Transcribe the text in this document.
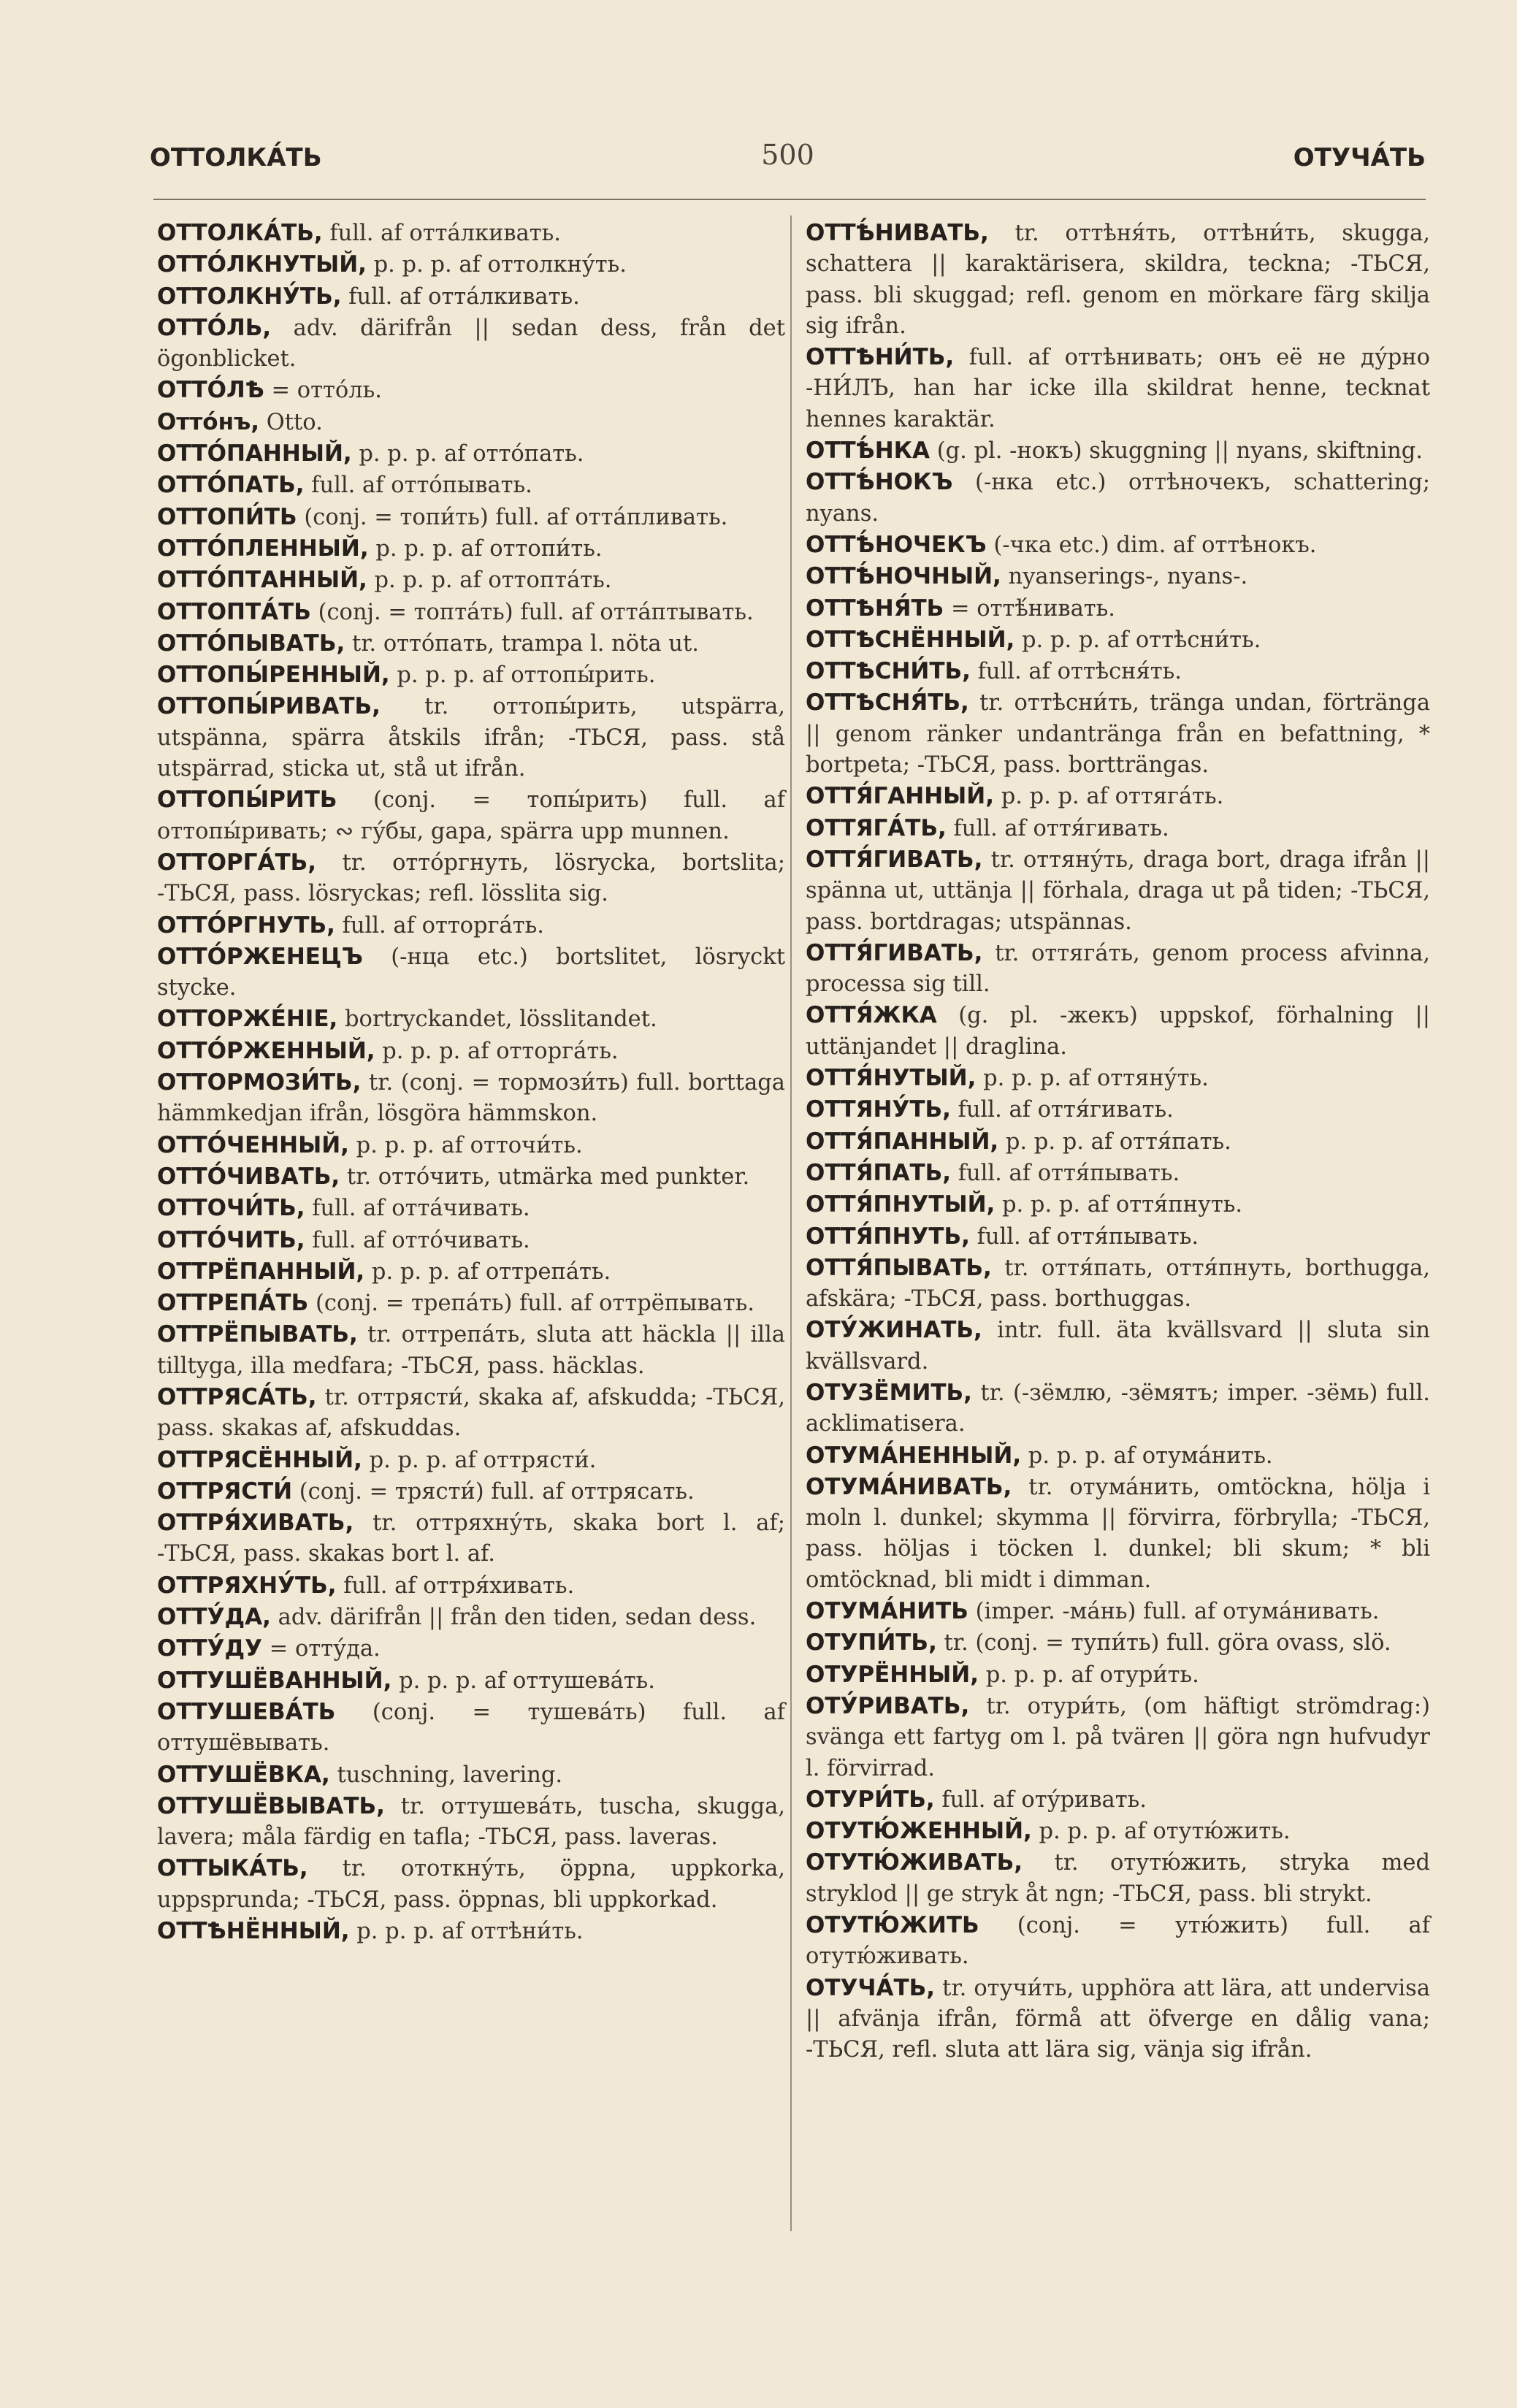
ОТТОЛКА́ТЬ	500	ОТУЧА́ТЬ

ОТТОЛКА́ТЬ, full. af отта́лкивать.

ОТТО́ЛКНУТЫЙ, p. p. p. af оттолкну́ть.

ОТТОЛКНУ́ТЬ, full. af отта́лкивать.

ОТТО́ЛЬ, adv. därifrån || sedan dess, från det ögonblicket.

ОТТО́ЛѢ = отто́ль.

Отто́нъ, Otto.

ОТТО́ПАННЫЙ, p. p. p. af отто́пать.

ОТТО́ПАТЬ, full. af отто́пывать.

ОТТОПИ́ТЬ (conj. = топи́ть) full. af отта́пливать.

ОТТО́ПЛЕННЫЙ, p. p. p. af оттопи́ть.

ОТТО́ПТАННЫЙ, p. p. p. af оттопта́ть.

ОТТОПТА́ТЬ (conj. = топта́ть) full. af отта́птывать.

ОТТО́ПЫВАТЬ, tr. отто́пать, trampa l. nöta ut.

ОТТОПЫ́РЕННЫЙ, p. p. p. af оттопы́рить.

ОТТОПЫ́РИВАТЬ, tr. оттопы́рить, utspärra, utspänna, spärra åtskils ifrån; -ТЬСЯ, pass. stå utspärrad, sticka ut, stå ut ifrån.

ОТТОПЫ́РИТЬ (conj. = топы́рить) full. af оттопы́ривать; ∾ гу́бы, gapa, spärra upp munnen.

ОТТОРГА́ТЬ, tr. отто́ргнуть, lösrycka, bortslita; -ТЬСЯ, pass. lösryckas; refl. lösslita sig.

ОТТО́РГНУТЬ, full. af отторга́ть.

ОТТО́РЖЕНЕЦЪ (-нца etc.) bortslitet, lösryckt stycke.

ОТТОРЖЕ́НІЕ, bortryckandet, lösslitandet.

ОТТО́РЖЕННЫЙ, p. p. p. af отторга́ть.

ОТТОРМОЗИ́ТЬ, tr. (conj. = тормози́ть) full. borttaga hämmkedjan ifrån, lösgöra hämmskon.

ОТТО́ЧЕННЫЙ, p. p. p. af отточи́ть.

ОТТО́ЧИВАТЬ, tr. отто́чить, utmärka med punkter.

ОТТОЧИ́ТЬ, full. af отта́чивать.

ОТТО́ЧИТЬ, full. af отто́чивать.

ОТТРЁПАННЫЙ, p. p. p. af оттрепа́ть.

ОТТРЕПА́ТЬ (conj. = трепа́ть) full. af оттрёпывать.

ОТТРЁПЫВАТЬ, tr. оттрепа́ть, sluta att häckla || illa tilltyga, illa medfara; -ТЬСЯ, pass. häcklas.

ОТТРЯСА́ТЬ, tr. оттрясти́, skaka af, afskudda; -ТЬСЯ, pass. skakas af, afskuddas.

ОТТРЯСЁННЫЙ, p. p. p. af оттрясти́.

ОТТРЯСТИ́ (conj. = трясти́) full. af оттрясать.

ОТТРЯ́ХИВАТЬ, tr. оттряхну́ть, skaka bort l. af; -ТЬСЯ, pass. skakas bort l. af.

ОТТРЯХНУ́ТЬ, full. af оттря́хивать.

ОТТУ́ДА, adv. därifrån || från den tiden, sedan dess.

ОТТУ́ДУ = отту́да.

ОТТУШЁВАННЫЙ, p. p. p. af оттушева́ть.

ОТТУШЕВА́ТЬ (conj. = тушева́ть) full. af оттушёвывать.

ОТТУШЁВКА, tuschning, lavering.

ОТТУШЁВЫВАТЬ, tr. оттушева́ть, tuscha, skugga, lavera; måla färdig en tafla; -ТЬСЯ, pass. laveras.

ОТТЫКА́ТЬ, tr. ототкну́ть, öppna, uppkorka, uppsprunda; -ТЬСЯ, pass. öppnas, bli uppkorkad.

ОТТѢНЁННЫЙ, p. p. p. af оттѣни́ть.

ОТТѢ́НИВАТЬ, tr. оттѣня́ть, оттѣни́ть, skugga, schattera || karaktärisera, skildra, teckna; -ТЬСЯ, pass. bli skuggad; refl. genom en mörkare färg skilja sig ifrån.

ОТТѢНИ́ТЬ, full. af оттѣнивать; онъ её не ду́рно -НИ́ЛЪ, han har icke illa skildrat henne, tecknat hennes karaktär.

ОТТѢ́НКА (g. pl. -нокъ) skuggning || nyans, skiftning.

ОТТѢ́НОКЪ (-нка etc.) оттѣночекъ, schattering; nyans.

ОТТѢ́НОЧЕКЪ (-чка etc.) dim. af оттѣнокъ.

ОТТѢ́НОЧНЫЙ, nyanserings-, nyans-.

ОТТѢНЯ́ТЬ = оттѣ́нивать.

ОТТѢСНЁННЫЙ, p. p. p. af оттѣсни́ть.

ОТТѢСНИ́ТЬ, full. af оттѣсня́ть.

ОТТѢСНЯ́ТЬ, tr. оттѣсни́ть, tränga undan, förtränga || genom ränker undantränga från en befattning, * bortpeta; -ТЬСЯ, pass. bortträngas.

ОТТЯ́ГАННЫЙ, p. p. p. af оттяга́ть.

ОТТЯГА́ТЬ, full. af оття́гивать.

ОТТЯ́ГИВАТЬ, tr. оттяну́ть, draga bort, draga ifrån || spänna ut, uttänja || förhala, draga ut på tiden; -ТЬСЯ, pass. bortdragas; utspännas.

ОТТЯ́ГИВАТЬ, tr. оттяга́ть, genom process afvinna, processa sig till.

ОТТЯ́ЖКА (g. pl. -жекъ) uppskof, förhalning || uttänjandet || draglina.

ОТТЯ́НУТЫЙ, p. p. p. af оттяну́ть.

ОТТЯНУ́ТЬ, full. af оття́гивать.

ОТТЯ́ПАННЫЙ, p. p. p. af оття́пать.

ОТТЯ́ПАТЬ, full. af оття́пывать.

ОТТЯ́ПНУТЫЙ, p. p. p. af оття́пнуть.

ОТТЯ́ПНУТЬ, full. af оття́пывать.

ОТТЯ́ПЫВАТЬ, tr. оття́пать, оття́пнуть, borthugga, afskära; -ТЬСЯ, pass. borthuggas.

ОТУ́ЖИНАТЬ, intr. full. äta kvällsvard || sluta sin kvällsvard.

ОТУЗЁМИТЬ, tr. (-зёмлю, -зёмятъ; imper. -зёмь) full. acklimatisera.

ОТУМА́НЕННЫЙ, p. p. p. af отума́нить.

ОТУМА́НИВАТЬ, tr. отума́нить, omtöckna, hölja i moln l. dunkel; skymma || förvirra, förbrylla; -ТЬСЯ, pass. höljas i töcken l. dunkel; bli skum; * bli omtöcknad, bli midt i dimman.

ОТУМА́НИТЬ (imper. -ма́нь) full. af отума́нивать.

ОТУПИ́ТЬ, tr. (conj. = тупи́ть) full. göra ovass, slö.

ОТУРЁННЫЙ, p. p. p. af отури́ть.

ОТУ́РИВАТЬ, tr. отури́ть, (om häftigt strömdrag:) svänga ett fartyg om l. på tvären || göra ngn hufvudyr l. förvirrad.

ОТУРИ́ТЬ, full. af оту́ривать.

ОТУТЮ́ЖЕННЫЙ, p. p. p. af отутю́жить.

ОТУТЮ́ЖИВАТЬ, tr. отутю́жить, stryka med stryklod || ge stryk åt ngn; -ТЬСЯ, pass. bli strykt.

ОТУТЮ́ЖИТЬ (conj. = утю́жить) full. af отутю́живать.

ОТУЧА́ТЬ, tr. отучи́ть, upphöra att lära, att undervisa || afvänja ifrån, förmå att öfverge en dålig vana; -ТЬСЯ, refl. sluta att lära sig, vänja sig ifrån.
